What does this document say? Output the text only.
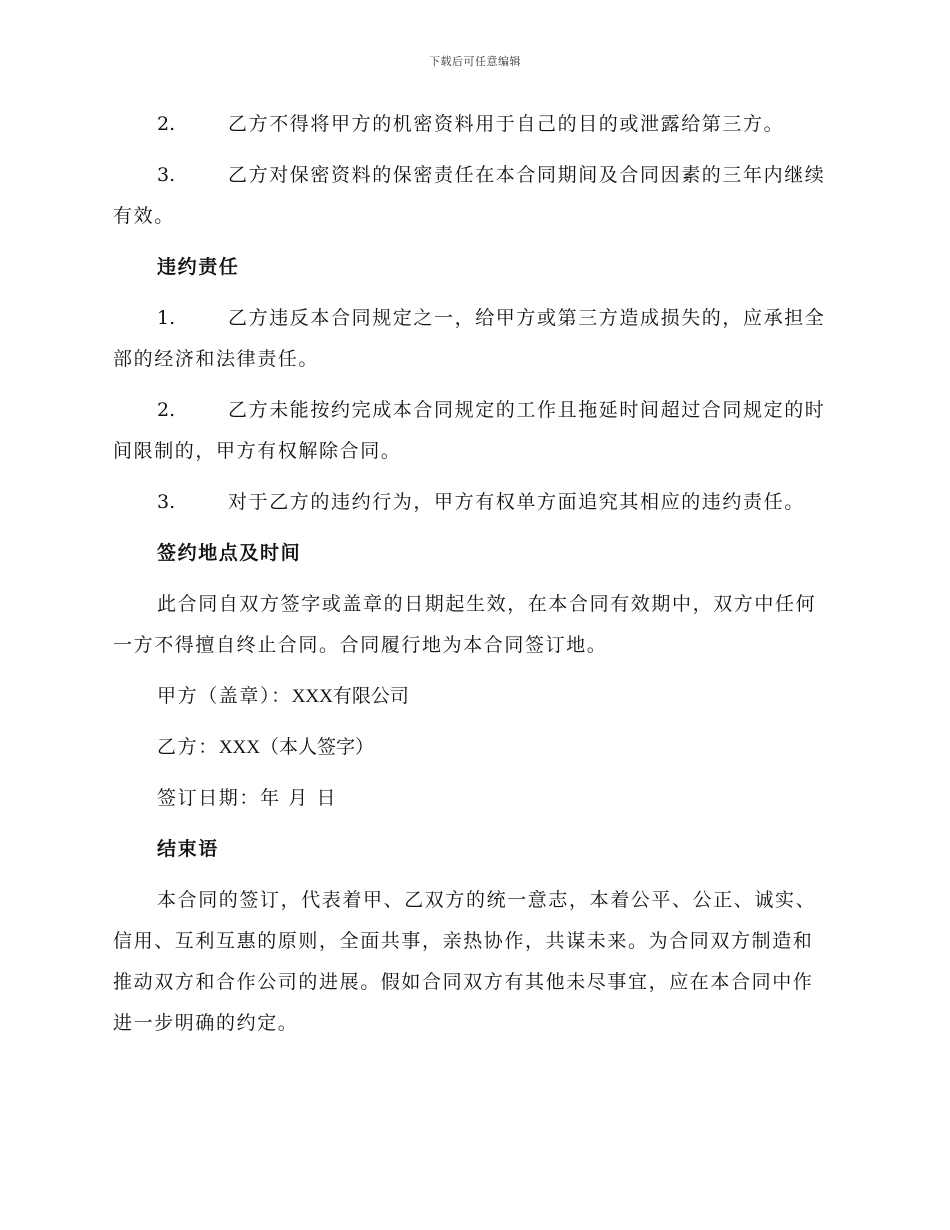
下载后可任意编辑
2.	乙方不得将甲方的机密资料用于自己的目的或泄露给第三方。
3.	乙方对保密资料的保密责任在本合同期间及合同因素的三年内继续有效。
违约责任
1.	乙方违反本合同规定之一，给甲方或第三方造成损失的，应承担全部的经济和法律责任。
2.	乙方未能按约完成本合同规定的工作且拖延时间超过合同规定的时间限制的，甲方有权解除合同。
3.	对于乙方的违约行为，甲方有权单方面追究其相应的违约责任。
签约地点及时间
此合同自双方签字或盖章的日期起生效，在本合同有效期中，双方中任何一方不得擅自终止合同。合同履行地为本合同签订地。
甲方（盖章）：XXX有限公司
乙方：XXX（本人签字）
签订日期：年 月 日
结束语
本合同的签订，代表着甲、乙双方的统一意志，本着公平、公正、诚实、信用、互利互惠的原则，全面共事，亲热协作，共谋未来。为合同双方制造和推动双方和合作公司的进展。假如合同双方有其他未尽事宜，应在本合同中作进一步明确的约定。
